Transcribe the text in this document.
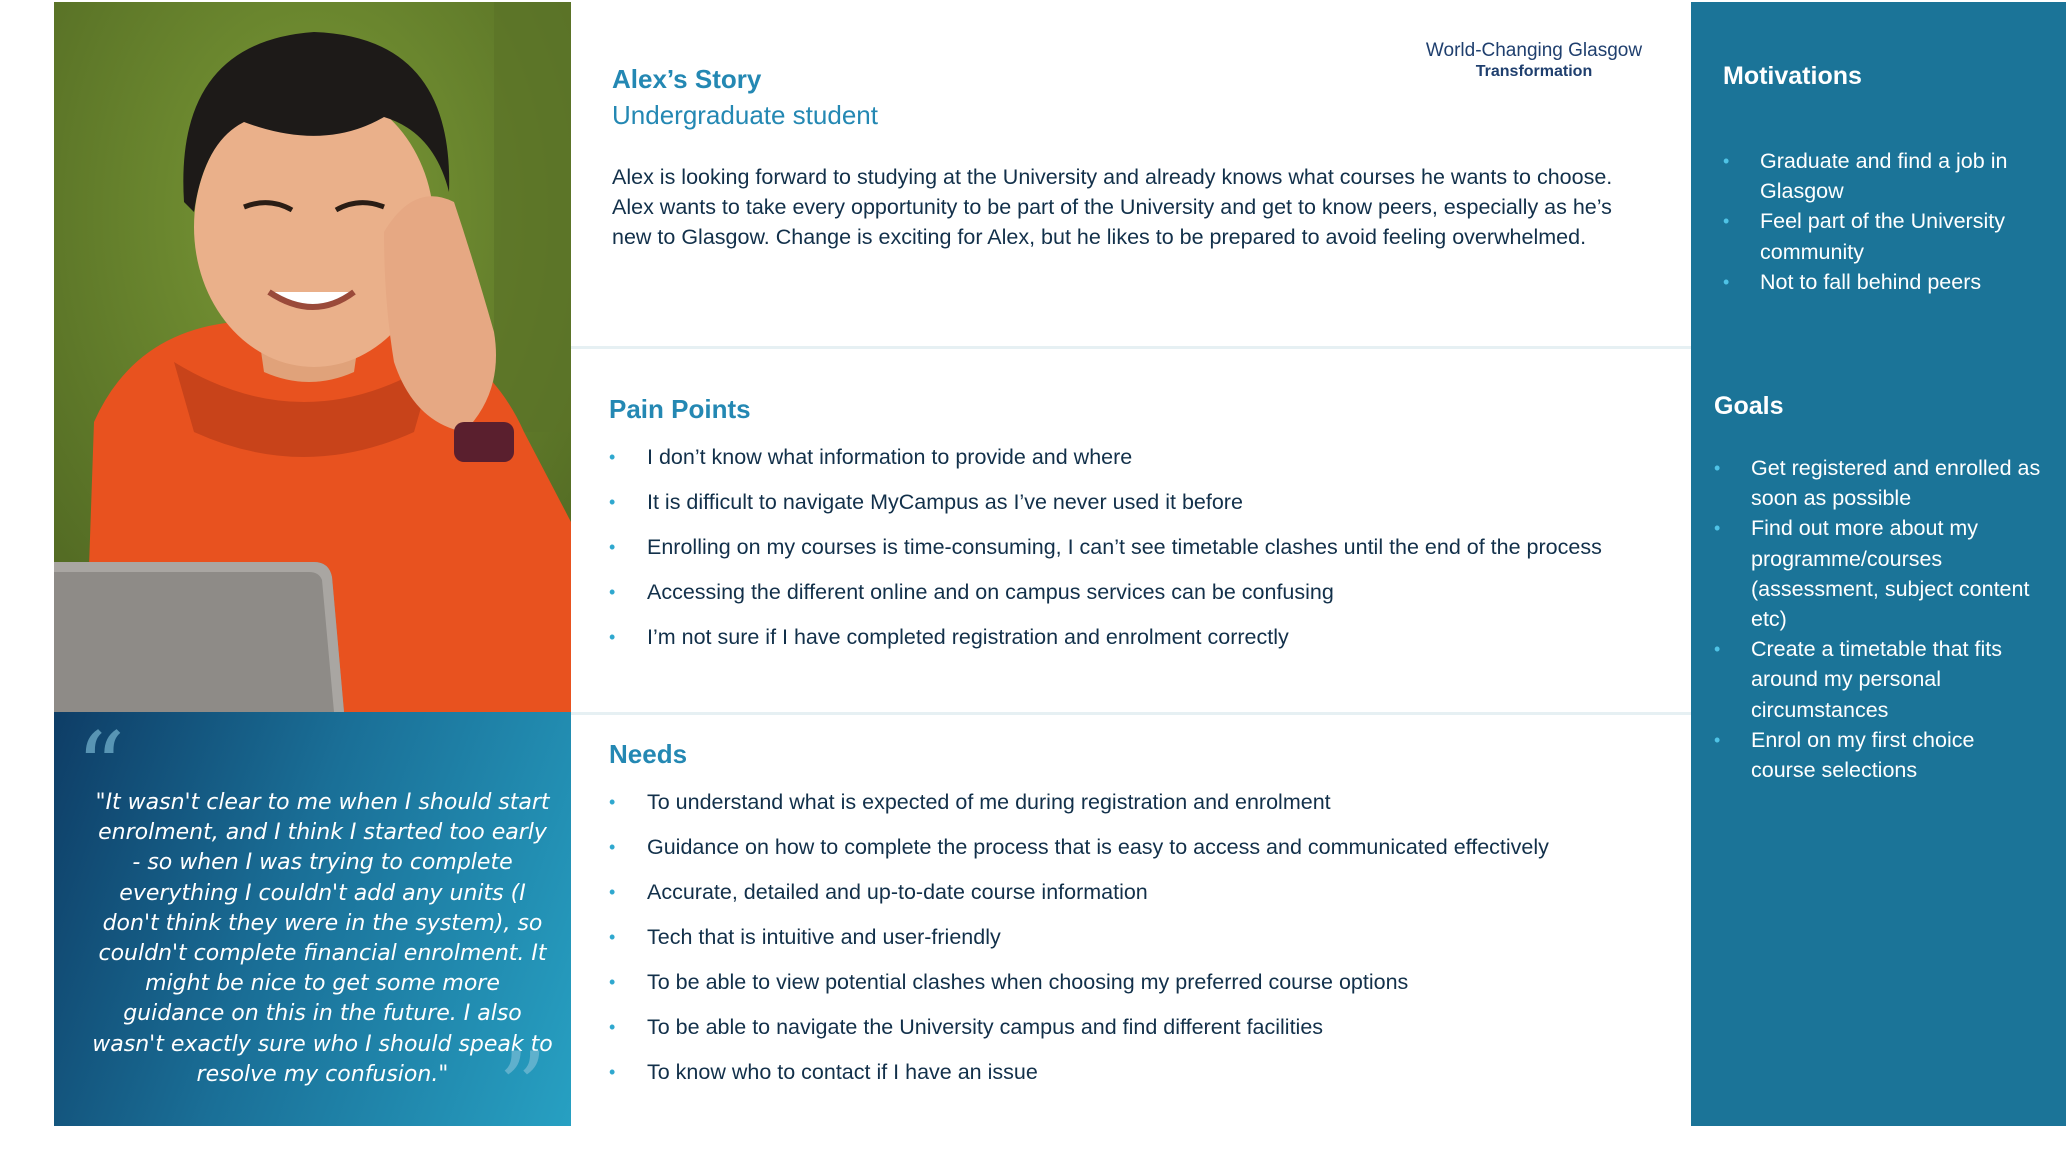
“
"It wasn't clear to me when I should start enrolment, and I think I started too early - so when I was trying to complete everything I couldn't add any units (I don't think they were in the system), so couldn't complete financial enrolment. It might be nice to get some more guidance on this in the future. I also wasn't exactly sure who I should speak to resolve my confusion." ”
World-Changing Glasgow
Transformation
Alex’s Story
Undergraduate student
Alex is looking forward to studying at the University and already knows what courses he wants to choose. Alex wants to take every opportunity to be part of the University and get to know peers, especially as he’s new to Glasgow. Change is exciting for Alex, but he likes to be prepared to avoid feeling overwhelmed.
Pain Points
• I don’t know what information to provide and where
• It is difficult to navigate MyCampus as I’ve never used it before
• Enrolling on my courses is time-consuming, I can’t see timetable clashes until the end of the process
• Accessing the different online and on campus services can be confusing
• I’m not sure if I have completed registration and enrolment correctly
Needs
• To understand what is expected of me during registration and enrolment
• Guidance on how to complete the process that is easy to access and communicated effectively
• Accurate, detailed and up-to-date course information
• Tech that is intuitive and user-friendly
• To be able to view potential clashes when choosing my preferred course options
• To be able to navigate the University campus and find different facilities
• To know who to contact if I have an issue
Motivations
• Graduate and find a job in Glasgow
• Feel part of the University community
• Not to fall behind peers
Goals
• Get registered and enrolled as soon as possible
• Find out more about my programme/courses (assessment, subject content etc)
• Create a timetable that fits around my personal circumstances
• Enrol on my first choice course selections
